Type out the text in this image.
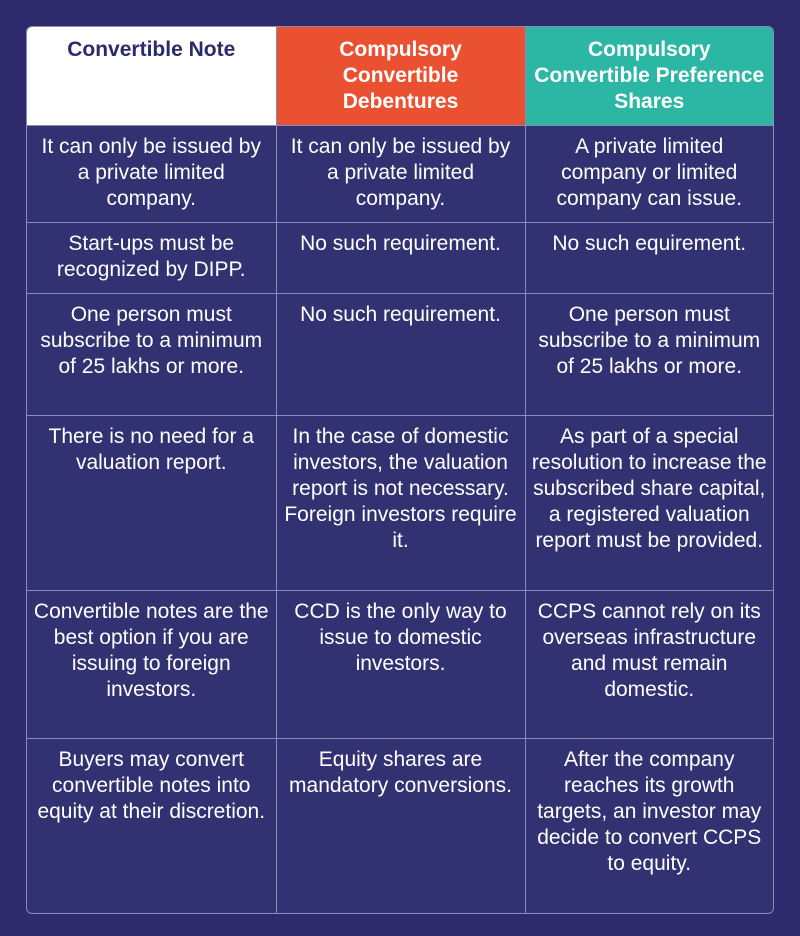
Convertible Note	Compulsory Convertible Debentures	Compulsory Convertible Preference Shares
It can only be issued by a private limited company.	It can only be issued by a private limited company.	A private limited company or limited company can issue.
Start-ups must be recognized by DIPP.	No such requirement.	No such equirement.
One person must subscribe to a minimum of 25 lakhs or more.	No such requirement.	One person must subscribe to a minimum of 25 lakhs or more.
There is no need for a valuation report.	In the case of domestic investors, the valuation report is not necessary. Foreign investors require it.	As part of a special resolution to increase the subscribed share capital, a registered valuation report must be provided.
Convertible notes are the best option if you are issuing to foreign investors.	CCD is the only way to issue to domestic investors.	CCPS cannot rely on its overseas infrastructure and must remain domestic.
Buyers may convert convertible notes into equity at their discretion.	Equity shares are mandatory conversions.	After the company reaches its growth targets, an investor may decide to convert CCPS to equity.
